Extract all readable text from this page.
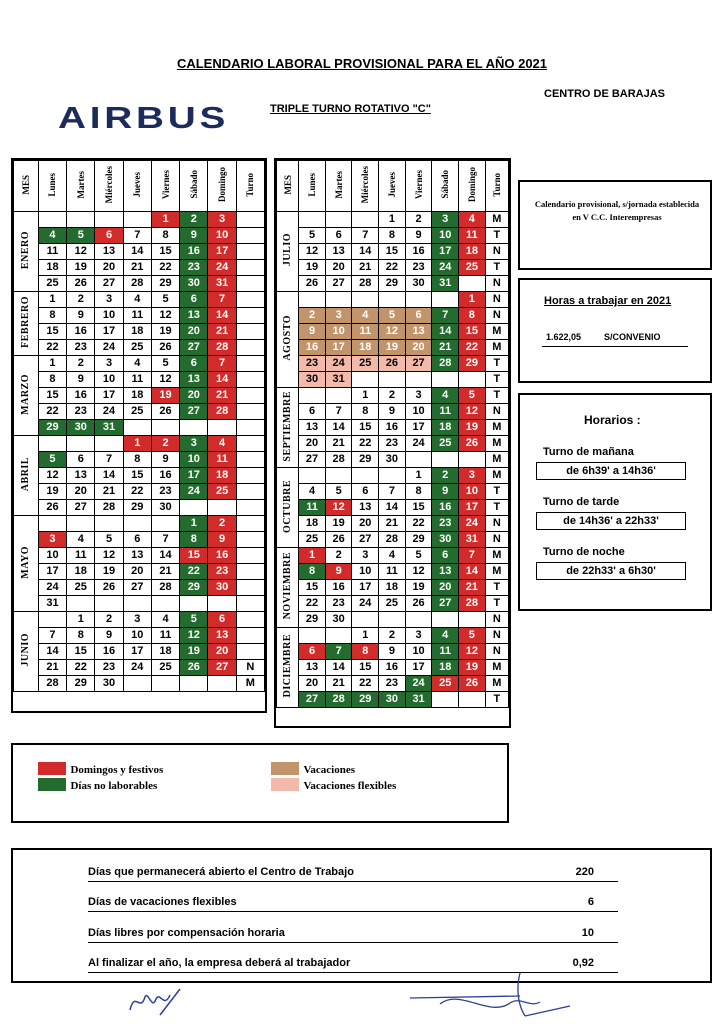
CALENDARIO LABORAL PROVISIONAL PARA EL AÑO 2021
CENTRO DE BARAJAS
AIRBUS	TRIPLE TURNO ROTATIVO "C"
MES	Lunes	Martes	Miércoles	Jueves	Viernes	Sábado	Domingo	Turno
ENERO					1	2	3	
	4	5	6	7	8	9	10	
	11	12	13	14	15	16	17	
	18	19	20	21	22	23	24	
	25	26	27	28	29	30	31	
FEBRERO	1	2	3	4	5	6	7	
	8	9	10	11	12	13	14	
	15	16	17	18	19	20	21	
	22	23	24	25	26	27	28	
MARZO	1	2	3	4	5	6	7	
	8	9	10	11	12	13	14	
	15	16	17	18	19	20	21	
	22	23	24	25	26	27	28	
	29	30	31					
ABRIL				1	2	3	4	
	5	6	7	8	9	10	11	
	12	13	14	15	16	17	18	
	19	20	21	22	23	24	25	
	26	27	28	29	30			
MAYO						1	2	
	3	4	5	6	7	8	9	
	10	11	12	13	14	15	16	
	17	18	19	20	21	22	23	
	24	25	26	27	28	29	30	
	31							
JUNIO		1	2	3	4	5	6	
	7	8	9	10	11	12	13	
	14	15	16	17	18	19	20	
	21	22	23	24	25	26	27	N
	28	29	30					M
MES	Lunes	Martes	Miércoles	Jueves	Viernes	Sábado	Domingo	Turno
JULIO				1	2	3	4	M
	5	6	7	8	9	10	11	T
	12	13	14	15	16	17	18	N
	19	20	21	22	23	24	25	T
	26	27	28	29	30	31		N
AGOSTO							1	N
	2	3	4	5	6	7	8	N
	9	10	11	12	13	14	15	M
	16	17	18	19	20	21	22	M
	23	24	25	26	27	28	29	T
	30	31						T
SEPTIEMBRE			1	2	3	4	5	T
	6	7	8	9	10	11	12	N
	13	14	15	16	17	18	19	M
	20	21	22	23	24	25	26	M
	27	28	29	30				M
OCTUBRE					1	2	3	M
	4	5	6	7	8	9	10	T
	11	12	13	14	15	16	17	T
	18	19	20	21	22	23	24	N
	25	26	27	28	29	30	31	N
NOVIEMBRE	1	2	3	4	5	6	7	M
	8	9	10	11	12	13	14	M
	15	16	17	18	19	20	21	T
	22	23	24	25	26	27	28	T
	29	30						N
DICIEMBRE			1	2	3	4	5	N
	6	7	8	9	10	11	12	N
	13	14	15	16	17	18	19	M
	20	21	22	23	24	25	26	M
	27	28	29	30	31			T
Calendario provisional, s/jornada establecida en V C.C. Interempresas
Horas a trabajar en 2021
1.622,05	S/CONVENIO
Horarios :
Turno de mañana
de 6h39' a 14h36'
Turno de tarde
de 14h36' a 22h33'
Turno de noche
de 22h33' a 6h30'
Domingos y festivos
Días no laborables
Vacaciones
Vacaciones flexibles
Días que permanecerá abierto el Centro de Trabajo	220
Días de vacaciones flexibles	6
Días libres por compensación horaria	10
Al finalizar el año, la empresa deberá al trabajador	0,92
